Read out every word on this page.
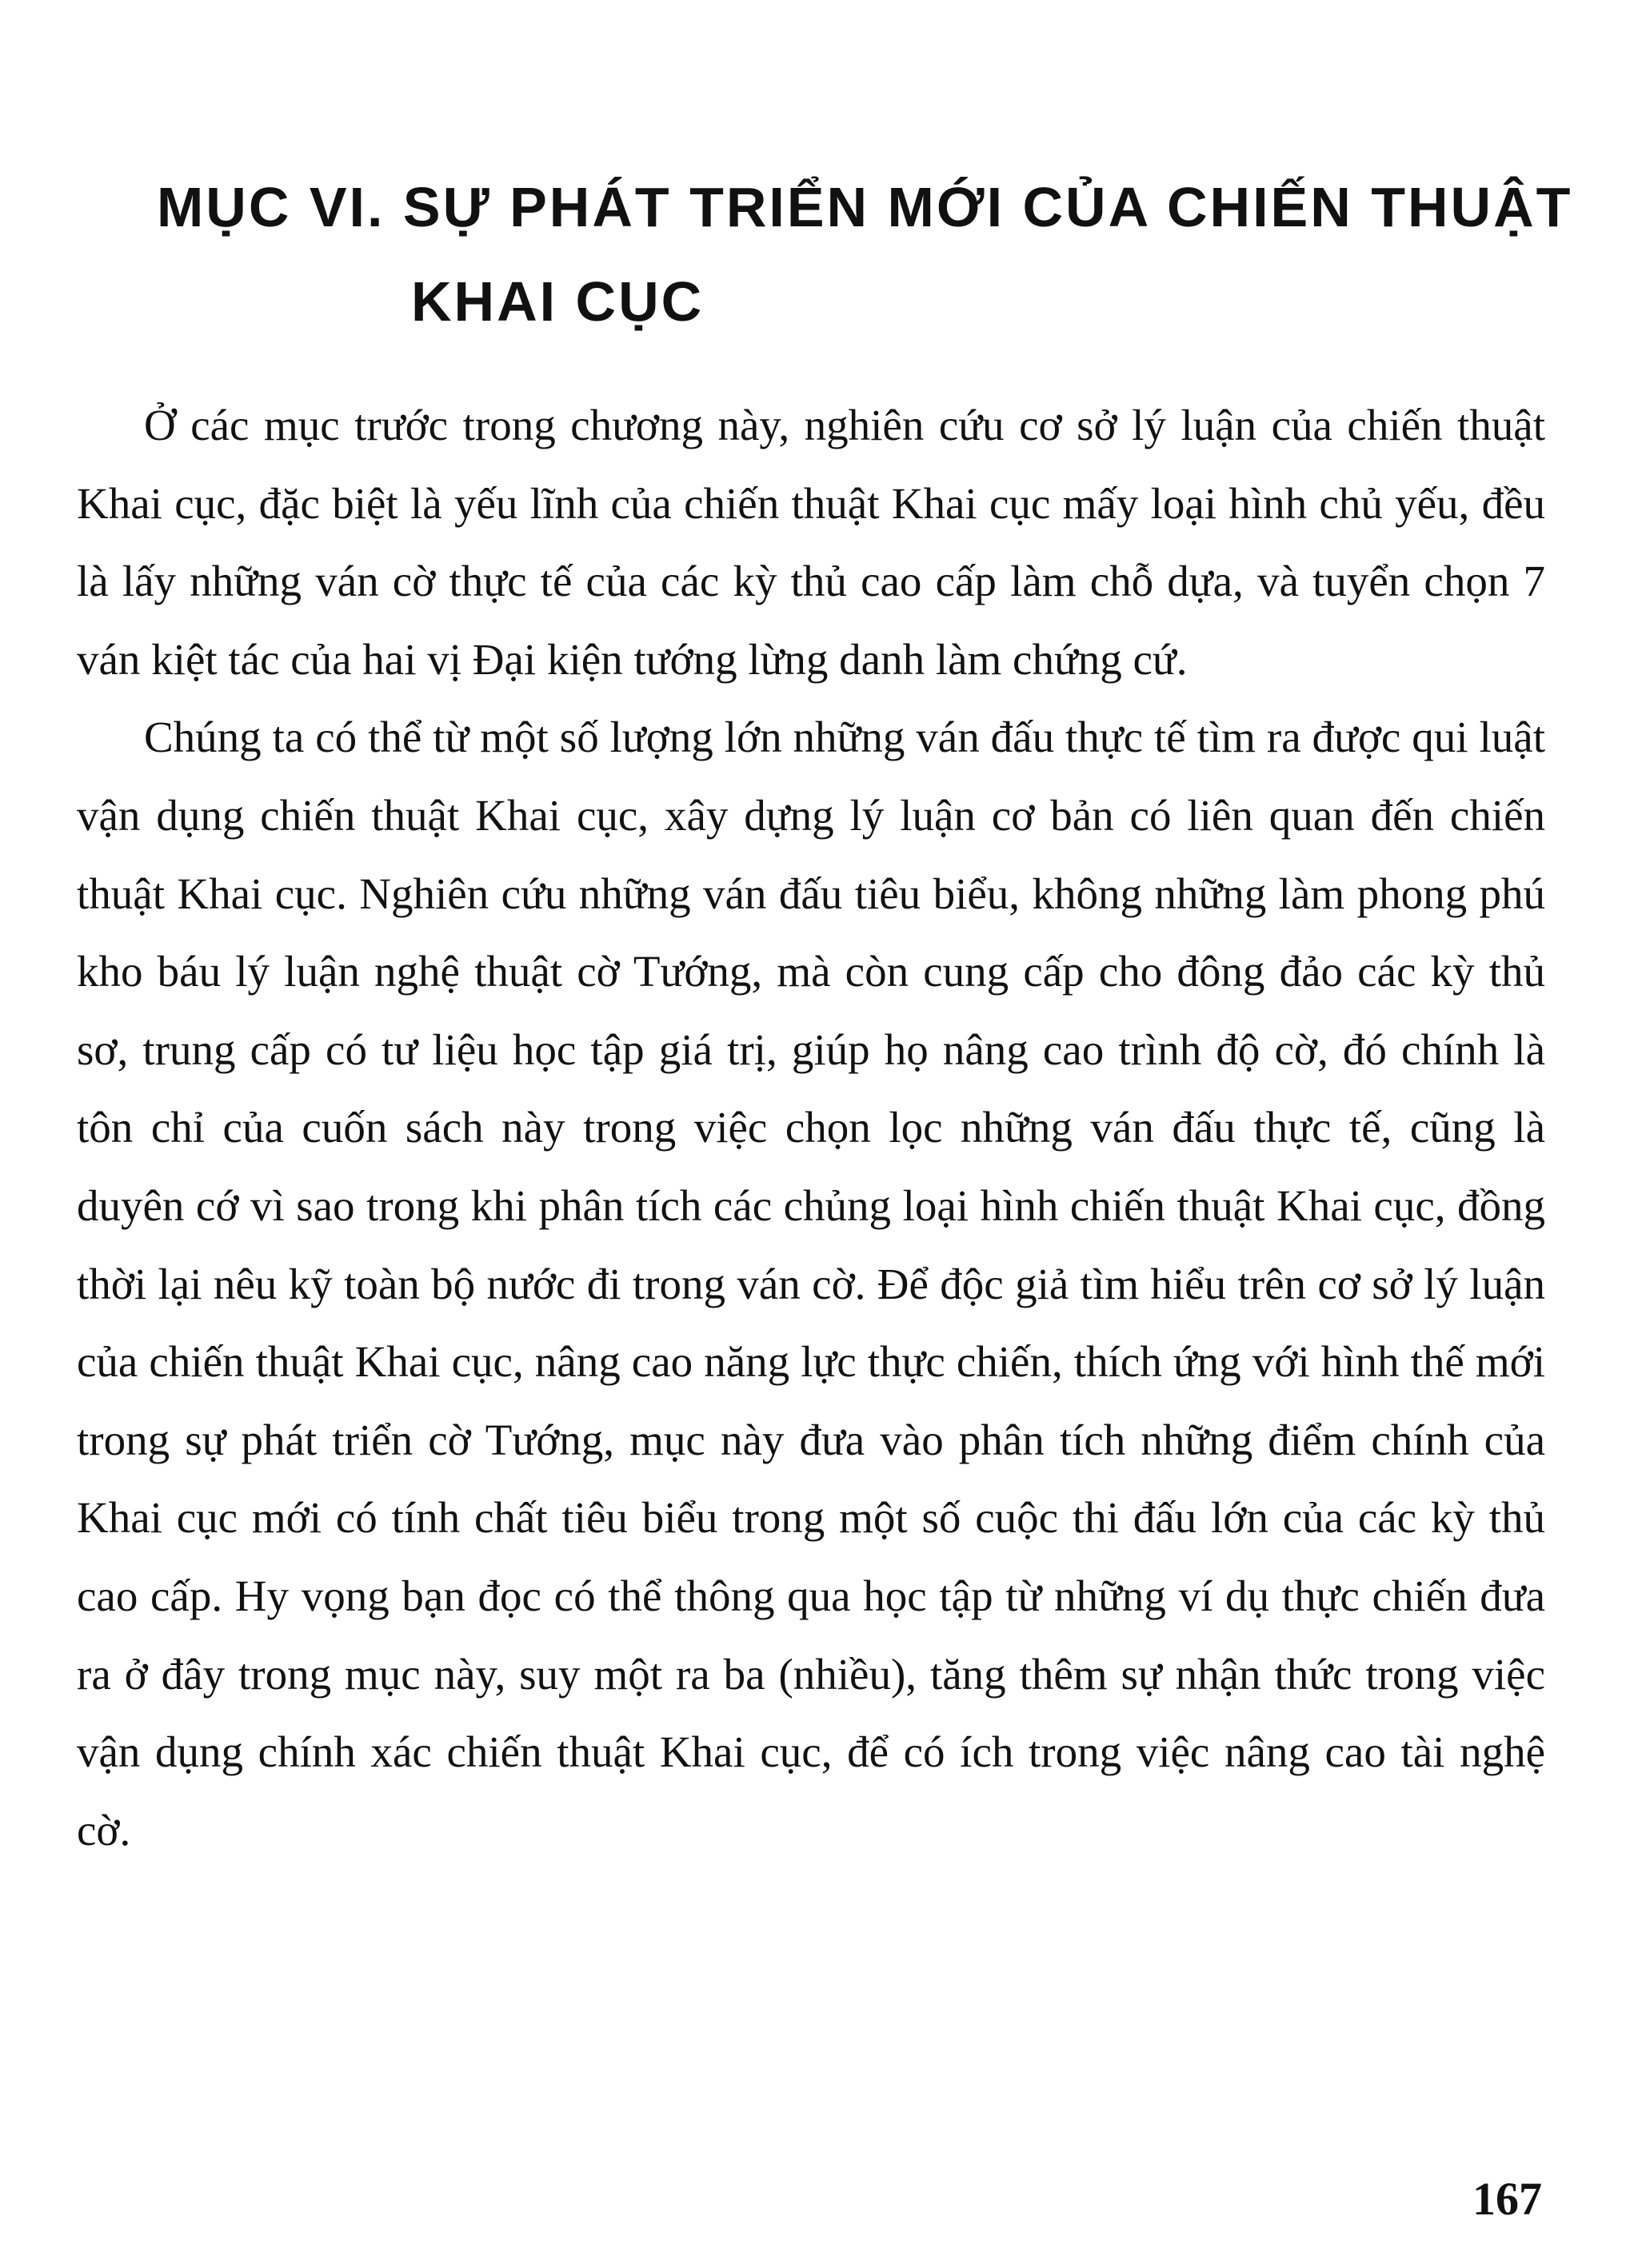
MỤC VI. SỰ PHÁT TRIỂN MỚI CỦA CHIẾN THUẬT
KHAI CỤC

Ở các mục trước trong chương này, nghiên cứu cơ sở lý luận của chiến thuật Khai cục, đặc biệt là yếu lĩnh của chiến thuật Khai cục mấy loại hình chủ yếu, đều là lấy những ván cờ thực tế của các kỳ thủ cao cấp làm chỗ dựa, và tuyển chọn 7 ván kiệt tác của hai vị Đại kiện tướng lừng danh làm chứng cứ.

Chúng ta có thể từ một số lượng lớn những ván đấu thực tế tìm ra được qui luật vận dụng chiến thuật Khai cục, xây dựng lý luận cơ bản có liên quan đến chiến thuật Khai cục. Nghiên cứu những ván đấu tiêu biểu, không những làm phong phú kho báu lý luận nghệ thuật cờ Tướng, mà còn cung cấp cho đông đảo các kỳ thủ sơ, trung cấp có tư liệu học tập giá trị, giúp họ nâng cao trình độ cờ, đó chính là tôn chỉ của cuốn sách này trong việc chọn lọc những ván đấu thực tế, cũng là duyên cớ vì sao trong khi phân tích các chủng loại hình chiến thuật Khai cục, đồng thời lại nêu kỹ toàn bộ nước đi trong ván cờ. Để độc giả tìm hiểu trên cơ sở lý luận của chiến thuật Khai cục, nâng cao năng lực thực chiến, thích ứng với hình thế mới trong sự phát triển cờ Tướng, mục này đưa vào phân tích những điểm chính của Khai cục mới có tính chất tiêu biểu trong một số cuộc thi đấu lớn của các kỳ thủ cao cấp. Hy vọng bạn đọc có thể thông qua học tập từ những ví dụ thực chiến đưa ra ở đây trong mục này, suy một ra ba (nhiều), tăng thêm sự nhận thức trong việc vận dụng chính xác chiến thuật Khai cục, để có ích trong việc nâng cao tài nghệ cờ.

167
